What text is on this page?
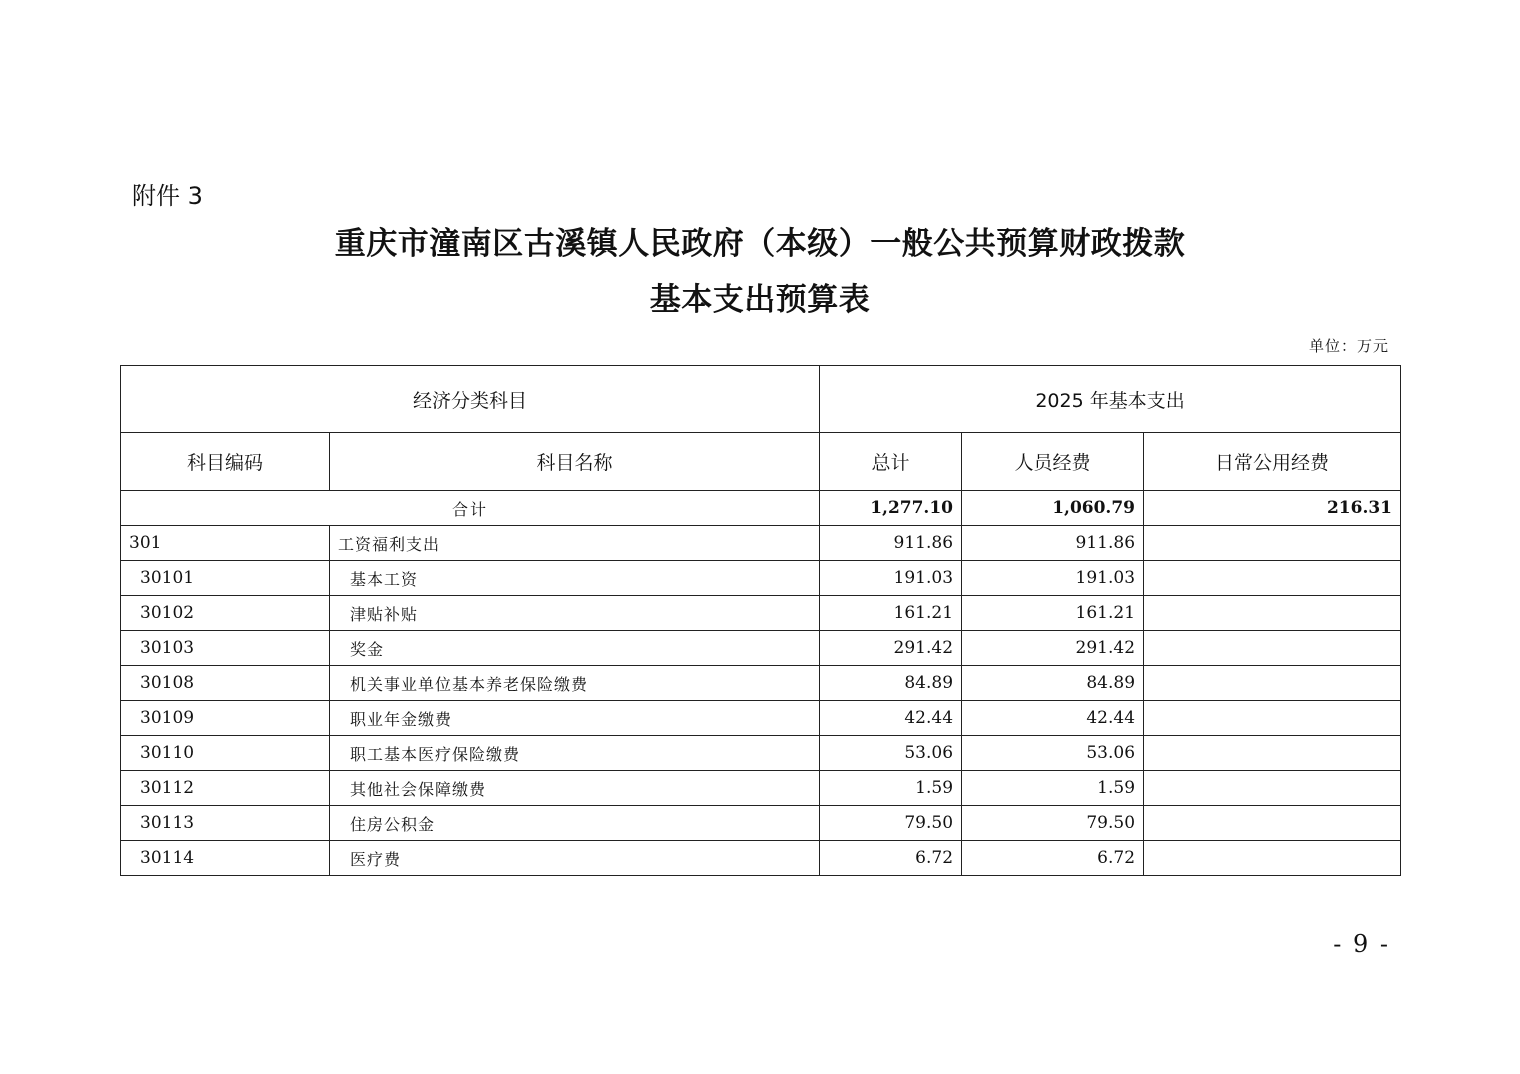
附件 3
重庆市潼南区古溪镇人民政府（本级）一般公共预算财政拨款
基本支出预算表
单位：万元
经济分类科目		2025 年基本支出		
科目编码	科目名称	总计	人员经费	日常公用经费
合计		1,277.10	1,060.79	216.31
301	工资福利支出	911.86	911.86	
30101	基本工资	191.03	191.03	
30102	津贴补贴	161.21	161.21	
30103	奖金	291.42	291.42	
30108	机关事业单位基本养老保险缴费	84.89	84.89	
30109	职业年金缴费	42.44	42.44	
30110	职工基本医疗保险缴费	53.06	53.06	
30112	其他社会保障缴费	1.59	1.59	
30113	住房公积金	79.50	79.50	
30114	医疗费	6.72	6.72	
- 9 -
